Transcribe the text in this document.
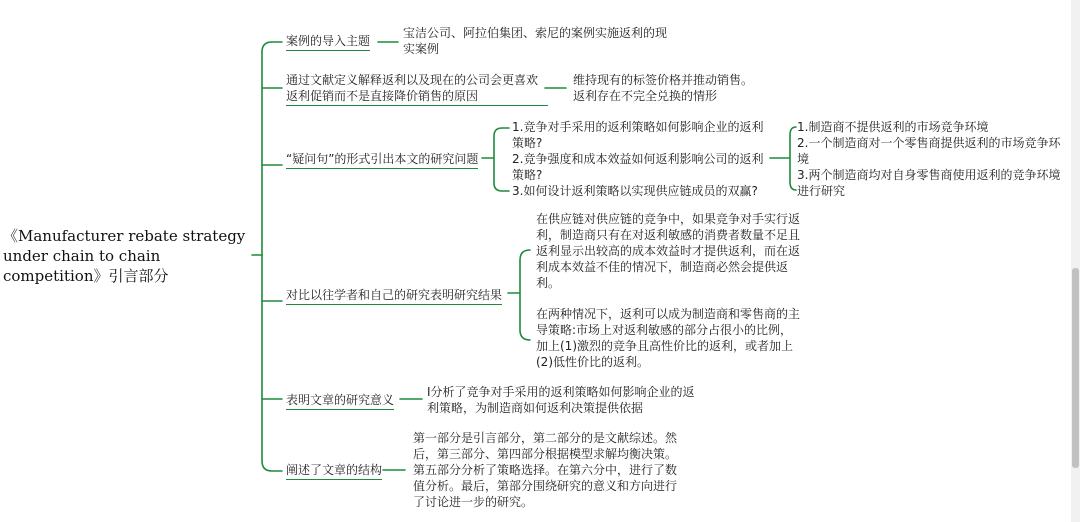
《Manufacturer rebate strategy under chain to chain competition》引言部分
案例的导入主题
宝洁公司、阿拉伯集团、索尼的案例实施返利的现实案例
通过文献定义解释返利以及现在的公司会更喜欢返利促销而不是直接降价销售的原因
维持现有的标签价格并推动销售。
返利存在不完全兑换的情形
“疑问句”的形式引出本文的研究问题
1.竞争对手采用的返利策略如何影响企业的返利策略?
2.竞争强度和成本效益如何返利影响公司的返利策略?
3.如何设计返利策略以实现供应链成员的双赢?
1.制造商不提供返利的市场竞争环境
2.一个制造商对一个零售商提供返利的市场竞争环境
3.两个制造商均对自身零售商使用返利的竞争环境进行研究
对比以往学者和自己的研究表明研究结果
在供应链对供应链的竞争中，如果竞争对手实行返利，制造商只有在对返利敏感的消费者数量不足且返利显示出较高的成本效益时才提供返利，而在返利成本效益不佳的情况下，制造商必然会提供返利。
在两种情况下，返利可以成为制造商和零售商的主导策略:市场上对返利敏感的部分占很小的比例，加上(1)激烈的竞争且高性价比的返利，或者加上(2)低性价比的返利。
表明文章的研究意义
I分析了竞争对手采用的返利策略如何影响企业的返利策略，为制造商如何返利决策提供依据
阐述了文章的结构
第一部分是引言部分，第二部分的是文献综述。然后，第三部分、第四部分根据模型求解均衡决策。第五部分分析了策略选择。在第六分中，进行了数值分析。最后，第部分围绕研究的意义和方向进行了讨论进一步的研究。
